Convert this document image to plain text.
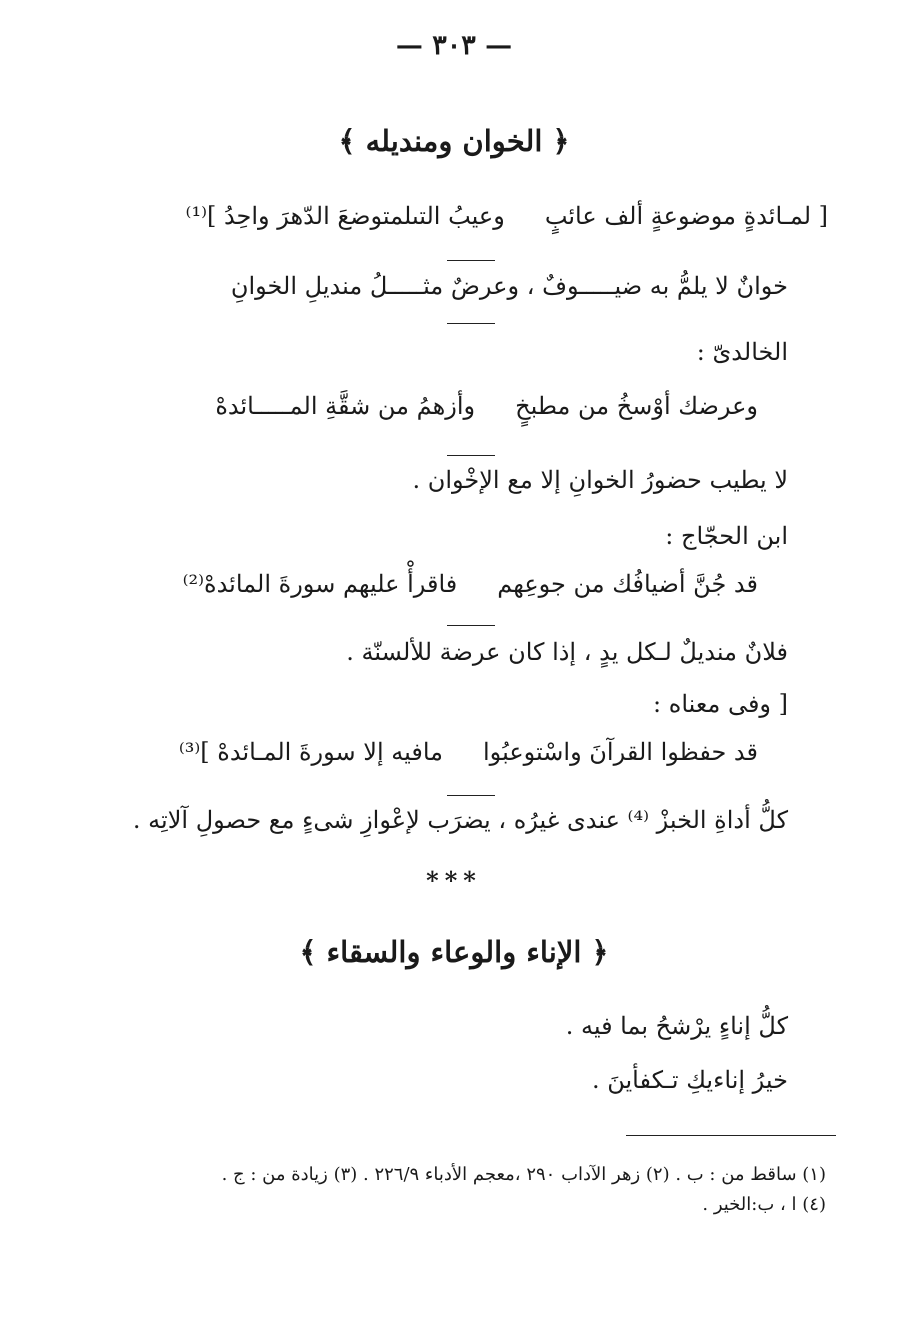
— ٣٠٣ —
﴿ الخوان ومنديله ﴾
[ لمـائدةٍ موضوعةٍ ألف عائبٍ
وعيبُ التىلمتوضعَ الدّهرَ واحِدُ ]⁽¹⁾
خوانٌ لا يلمُّ به ضيـــــوفٌ ، وعرضٌ مثـــــلُ منديلِ الخوانِ
الخالدىّ :
وعرضك أوْسخُ من مطبخٍ
وأزهمُ من شقَّةِ المـــــائدهْ
لا يطيب حضورُ الخوانِ إلا مع الإخْوان .
ابن الحجّاج :
قد جُنَّ أضيافُك من جوعِهم
فاقرأْ عليهم سورةَ المائدهْ⁽²⁾
فلانٌ منديلٌ لـكل يدٍ ، إذا كان عرضة للألسنّة .
[ وفى معناه :
قد حفظوا القرآنَ واسْتوعبُوا
مافيه إلا سورةَ المـائدهْ ]⁽³⁾
كلُّ أداةِ الخبزْ ⁽⁴⁾ عندى غيرُه ، يضرَب لإعْوازِ شىءٍ مع حصولِ آلاتِه .
***
﴿ الإناء والوعاء والسقاء ﴾
كلُّ إناءٍ يرْشحُ بما فيه .
خيرُ إناءيكِ تـكفأينَ .
(١) ساقط من : ب . (٢) زهر الآداب ٢٩٠ ،معجم الأدباء ٢٢٦/٩ . (٣) زيادة من : ج .
(٤) ا ، ب:الخير .
